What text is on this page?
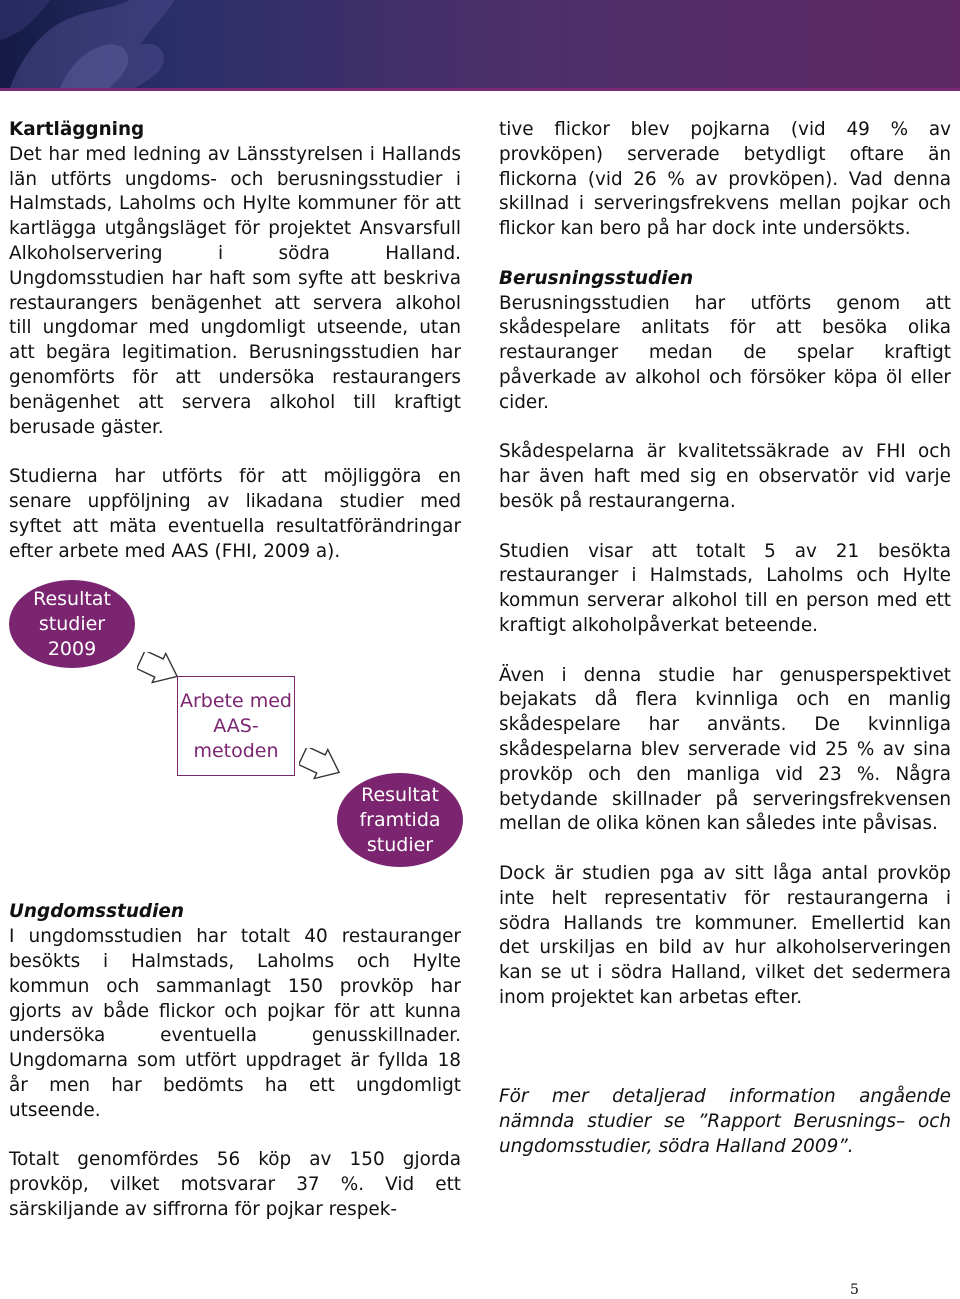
Kartläggning

Det har med ledning av Länsstyrelsen i Hallands län utförts ungdoms- och berusningsstudier i Halmstads, Laholms och Hylte kommuner för att kartlägga utgångsläget för projektet Ansvarsfull Alkoholservering i södra Halland. Ungdomsstudien har haft som syfte att beskriva restaurangers benägenhet att servera alkohol till ungdomar med ungdomligt utseende, utan att begära legitimation. Berusningsstudien har genomförts för att undersöka restaurangers benägenhet att servera alkohol till kraftigt berusade gäster.

Studierna har utförts för att möjliggöra en senare uppföljning av likadana studier med syftet att mäta eventuella resultatförändringar efter arbete med AAS (FHI, 2009 a).

Resultat
studier
2009
Arbete med AAS- metoden
Resultat
framtida
studier

Ungdomsstudien

I ungdomsstudien har totalt 40 restauranger besökts i Halmstads, Laholms och Hylte kommun och sammanlagt 150 provköp har gjorts av både flickor och pojkar för att kunna undersöka eventuella genusskillnader. Ungdomarna som utfört uppdraget är fyllda 18 år men har bedömts ha ett ungdomligt utseende.

Totalt genomfördes 56 köp av 150 gjorda provköp, vilket motsvarar 37 %. Vid ett särskiljande av siffrorna för pojkar respek-

tive flickor blev pojkarna (vid 49 % av provköpen) serverade betydligt oftare än flickorna (vid 26 % av provköpen). Vad denna skillnad i serveringsfrekvens mellan pojkar och flickor kan bero på har dock inte undersökts.

Berusningsstudien

Berusningsstudien har utförts genom att skådespelare anlitats för att besöka olika restauranger medan de spelar kraftigt påverkade av alkohol och försöker köpa öl eller cider.

Skådespelarna är kvalitetssäkrade av FHI och har även haft med sig en observatör vid varje besök på restaurangerna.

Studien visar att totalt 5 av 21 besökta restauranger i Halmstads, Laholms och Hylte kommun serverar alkohol till en person med ett kraftigt alkoholpåverkat beteende.

Även i denna studie har genusperspektivet bejakats då flera kvinnliga och en manlig skådespelare har använts. De kvinnliga skådespelarna blev serverade vid 25 % av sina provköp och den manliga vid 23 %. Några betydande skillnader på serveringsfrekvensen mellan de olika könen kan således inte påvisas.

Dock är studien pga av sitt låga antal provköp inte helt representativ för restaurangerna i södra Hallands tre kommuner. Emellertid kan det urskiljas en bild av hur alkoholserveringen kan se ut i södra Halland, vilket det sedermera inom projektet kan arbetas efter.

För mer detaljerad information angående nämnda studier se ”Rapport Berusnings– och ungdomsstudier, södra Halland 2009”.

5
